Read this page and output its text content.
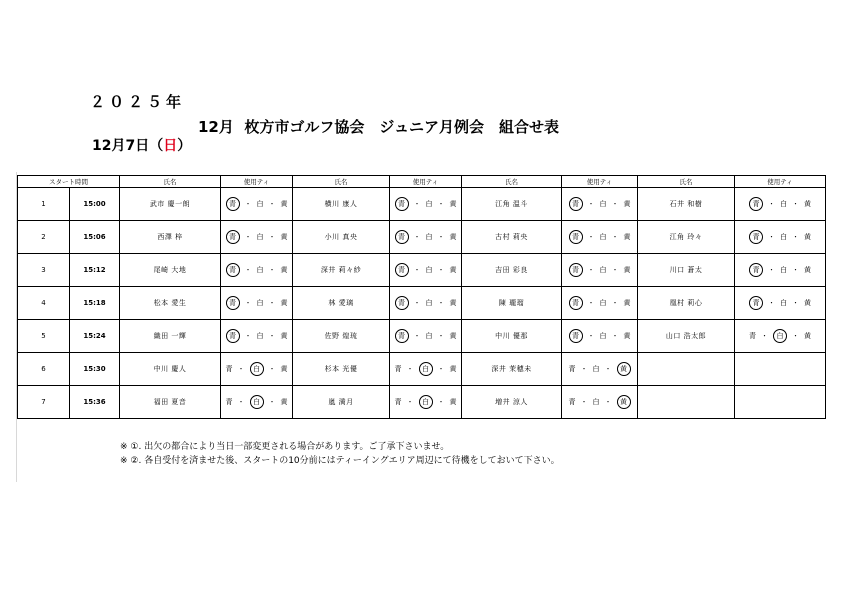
２０２５年
12月  枚方市ゴルフ協会　ジュニア月例会　組合せ表
12月7日（日）
スタート時間		氏名	使用ティ	氏名	使用ティ	氏名	使用ティ	氏名	使用ティ
1	15:00	武市 慶一朗	青 ・ 白 ・ 黄	横川 康人	青 ・ 白 ・ 黄	江角 温斗	青 ・ 白 ・ 黄	石井 和樹	青 ・ 白 ・ 黄

2	15:06	西澤 梓	青 ・ 白 ・ 黄	小川 真央	青 ・ 白 ・ 黄	古村 莉央	青 ・ 白 ・ 黄	江角 玲々	青 ・ 白 ・ 黄

3	15:12	尾崎 大地	青 ・ 白 ・ 黄	深井 莉々紗	青 ・ 白 ・ 黄	吉田 彩良	青 ・ 白 ・ 黄	川口 蒼太	青 ・ 白 ・ 黄

4	15:18	松本 愛生	青 ・ 白 ・ 黄	林 愛璃	青 ・ 白 ・ 黄	陳 瓏瑠	青 ・ 白 ・ 黄	凰村 莉心	青 ・ 白 ・ 黄

5	15:24	織田 一輝	青 ・ 白 ・ 黄	佐野 煌琉	青 ・ 白 ・ 黄	中川 優那	青 ・ 白 ・ 黄	山口 浩太郎	青 ・ 白 ・ 黄

6	15:30	中川 慶人	青 ・ 白 ・ 黄	杉本 光優	青 ・ 白 ・ 黄	深井 茉穂未	青 ・ 白 ・ 黄		

7	15:36	福田 夏音	青 ・ 白 ・ 黄	嵐 満月	青 ・ 白 ・ 黄	増井 涼人	青 ・ 白 ・ 黄		

※ ①. 出欠の都合により当日一部変更される場合があります。ご了承下さいませ。
※ ②. 各自受付を済ませた後、スタートの10分前にはティーイングエリア周辺にて待機をしておいて下さい。
